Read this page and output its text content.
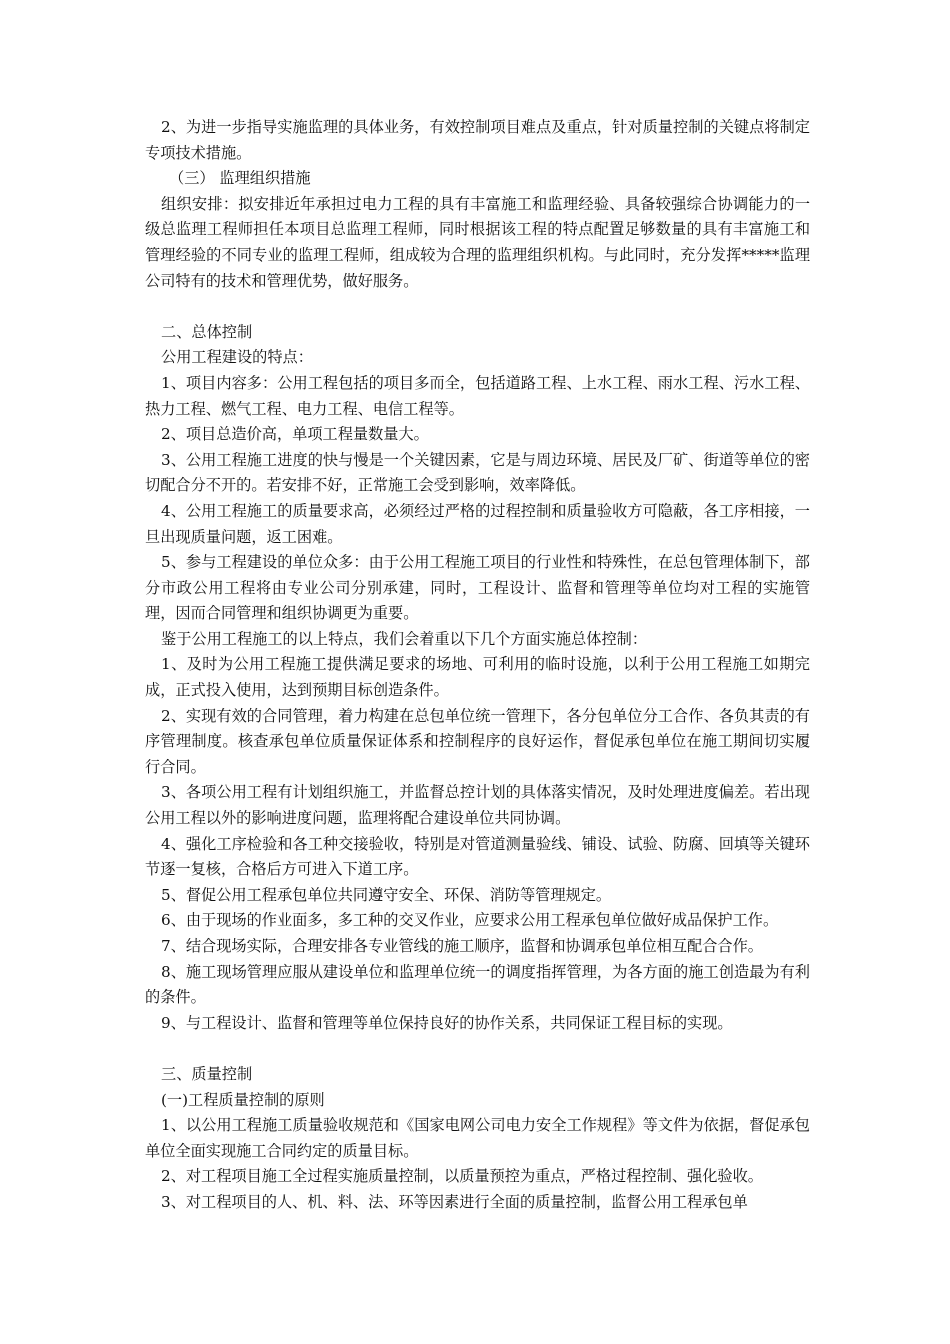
2、为进一步指导实施监理的具体业务，有效控制项目难点及重点，针对质量控制的关键点将制定专项技术措施。

（三） 监理组织措施

组织安排：拟安排近年承担过电力工程的具有丰富施工和监理经验、具备较强综合协调能力的一级总监理工程师担任本项目总监理工程师，同时根据该工程的特点配置足够数量的具有丰富施工和管理经验的不同专业的监理工程师，组成较为合理的监理组织机构。与此同时，充分发挥*****监理公司特有的技术和管理优势，做好服务。

二、总体控制

公用工程建设的特点：

1、项目内容多：公用工程包括的项目多而全，包括道路工程、上水工程、雨水工程、污水工程、热力工程、燃气工程、电力工程、电信工程等。

2、项目总造价高，单项工程量数量大。

3、公用工程施工进度的快与慢是一个关键因素，它是与周边环境、居民及厂矿、街道等单位的密切配合分不开的。若安排不好，正常施工会受到影响，效率降低。

4、公用工程施工的质量要求高，必须经过严格的过程控制和质量验收方可隐蔽，各工序相接，一旦出现质量问题，返工困难。

5、参与工程建设的单位众多：由于公用工程施工项目的行业性和特殊性，在总包管理体制下，部分市政公用工程将由专业公司分别承建，同时，工程设计、监督和管理等单位均对工程的实施管理，因而合同管理和组织协调更为重要。

鉴于公用工程施工的以上特点，我们会着重以下几个方面实施总体控制：

1、及时为公用工程施工提供满足要求的场地、可利用的临时设施，以利于公用工程施工如期完成，正式投入使用，达到预期目标创造条件。

2、实现有效的合同管理，着力构建在总包单位统一管理下，各分包单位分工合作、各负其责的有序管理制度。核查承包单位质量保证体系和控制程序的良好运作，督促承包单位在施工期间切实履行合同。

3、各项公用工程有计划组织施工，并监督总控计划的具体落实情况，及时处理进度偏差。若出现公用工程以外的影响进度问题，监理将配合建设单位共同协调。

4、强化工序检验和各工种交接验收，特别是对管道测量验线、铺设、试验、防腐、回填等关键环节逐一复核，合格后方可进入下道工序。

5、督促公用工程承包单位共同遵守安全、环保、消防等管理规定。

6、由于现场的作业面多，多工种的交叉作业，应要求公用工程承包单位做好成品保护工作。

7、结合现场实际，合理安排各专业管线的施工顺序，监督和协调承包单位相互配合合作。

8、施工现场管理应服从建设单位和监理单位统一的调度指挥管理，为各方面的施工创造最为有利的条件。

9、与工程设计、监督和管理等单位保持良好的协作关系，共同保证工程目标的实现。

三、质量控制

(一)工程质量控制的原则

1、以公用工程施工质量验收规范和《国家电网公司电力安全工作规程》等文件为依据，督促承包单位全面实现施工合同约定的质量目标。

2、对工程项目施工全过程实施质量控制，以质量预控为重点，严格过程控制、强化验收。

3、对工程项目的人、机、料、法、环等因素进行全面的质量控制，监督公用工程承包单
